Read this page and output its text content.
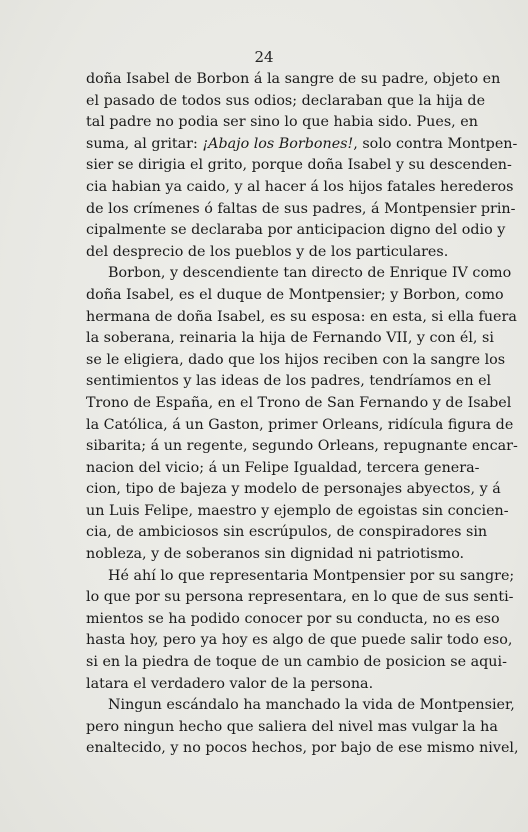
24
doña Isabel de Borbon á la sangre de su padre, objeto en
el pasado de todos sus odios; declaraban que la hija de
tal padre no podia ser sino lo que habia sido. Pues, en
suma, al gritar: ¡Abajo los Borbones!, solo contra Montpen-
sier se dirigia el grito, porque doña Isabel y su descenden-
cia habian ya caido, y al hacer á los hijos fatales herederos
de los crímenes ó faltas de sus padres, á Montpensier prin-
cipalmente se declaraba por anticipacion digno del odio y
del desprecio de los pueblos y de los particulares.
Borbon, y descendiente tan directo de Enrique IV como
doña Isabel, es el duque de Montpensier; y Borbon, como
hermana de doña Isabel, es su esposa: en esta, si ella fuera
la soberana, reinaria la hija de Fernando VII, y con él, si
se le eligiera, dado que los hijos reciben con la sangre los
sentimientos y las ideas de los padres, tendríamos en el
Trono de España, en el Trono de San Fernando y de Isabel
la Católica, á un Gaston, primer Orleans, ridícula figura de
sibarita; á un regente, segundo Orleans, repugnante encar-
nacion del vicio; á un Felipe Igualdad, tercera genera-
cion, tipo de bajeza y modelo de personajes abyectos, y á
un Luis Felipe, maestro y ejemplo de egoistas sin concien-
cia, de ambiciosos sin escrúpulos, de conspiradores sin
nobleza, y de soberanos sin dignidad ni patriotismo.
Hé ahí lo que representaria Montpensier por su sangre;
lo que por su persona representara, en lo que de sus senti-
mientos se ha podido conocer por su conducta, no es eso
hasta hoy, pero ya hoy es algo de que puede salir todo eso,
si en la piedra de toque de un cambio de posicion se aqui-
latara el verdadero valor de la persona.
Ningun escándalo ha manchado la vida de Montpensier,
pero ningun hecho que saliera del nivel mas vulgar la ha
enaltecido, y no pocos hechos, por bajo de ese mismo nivel,
